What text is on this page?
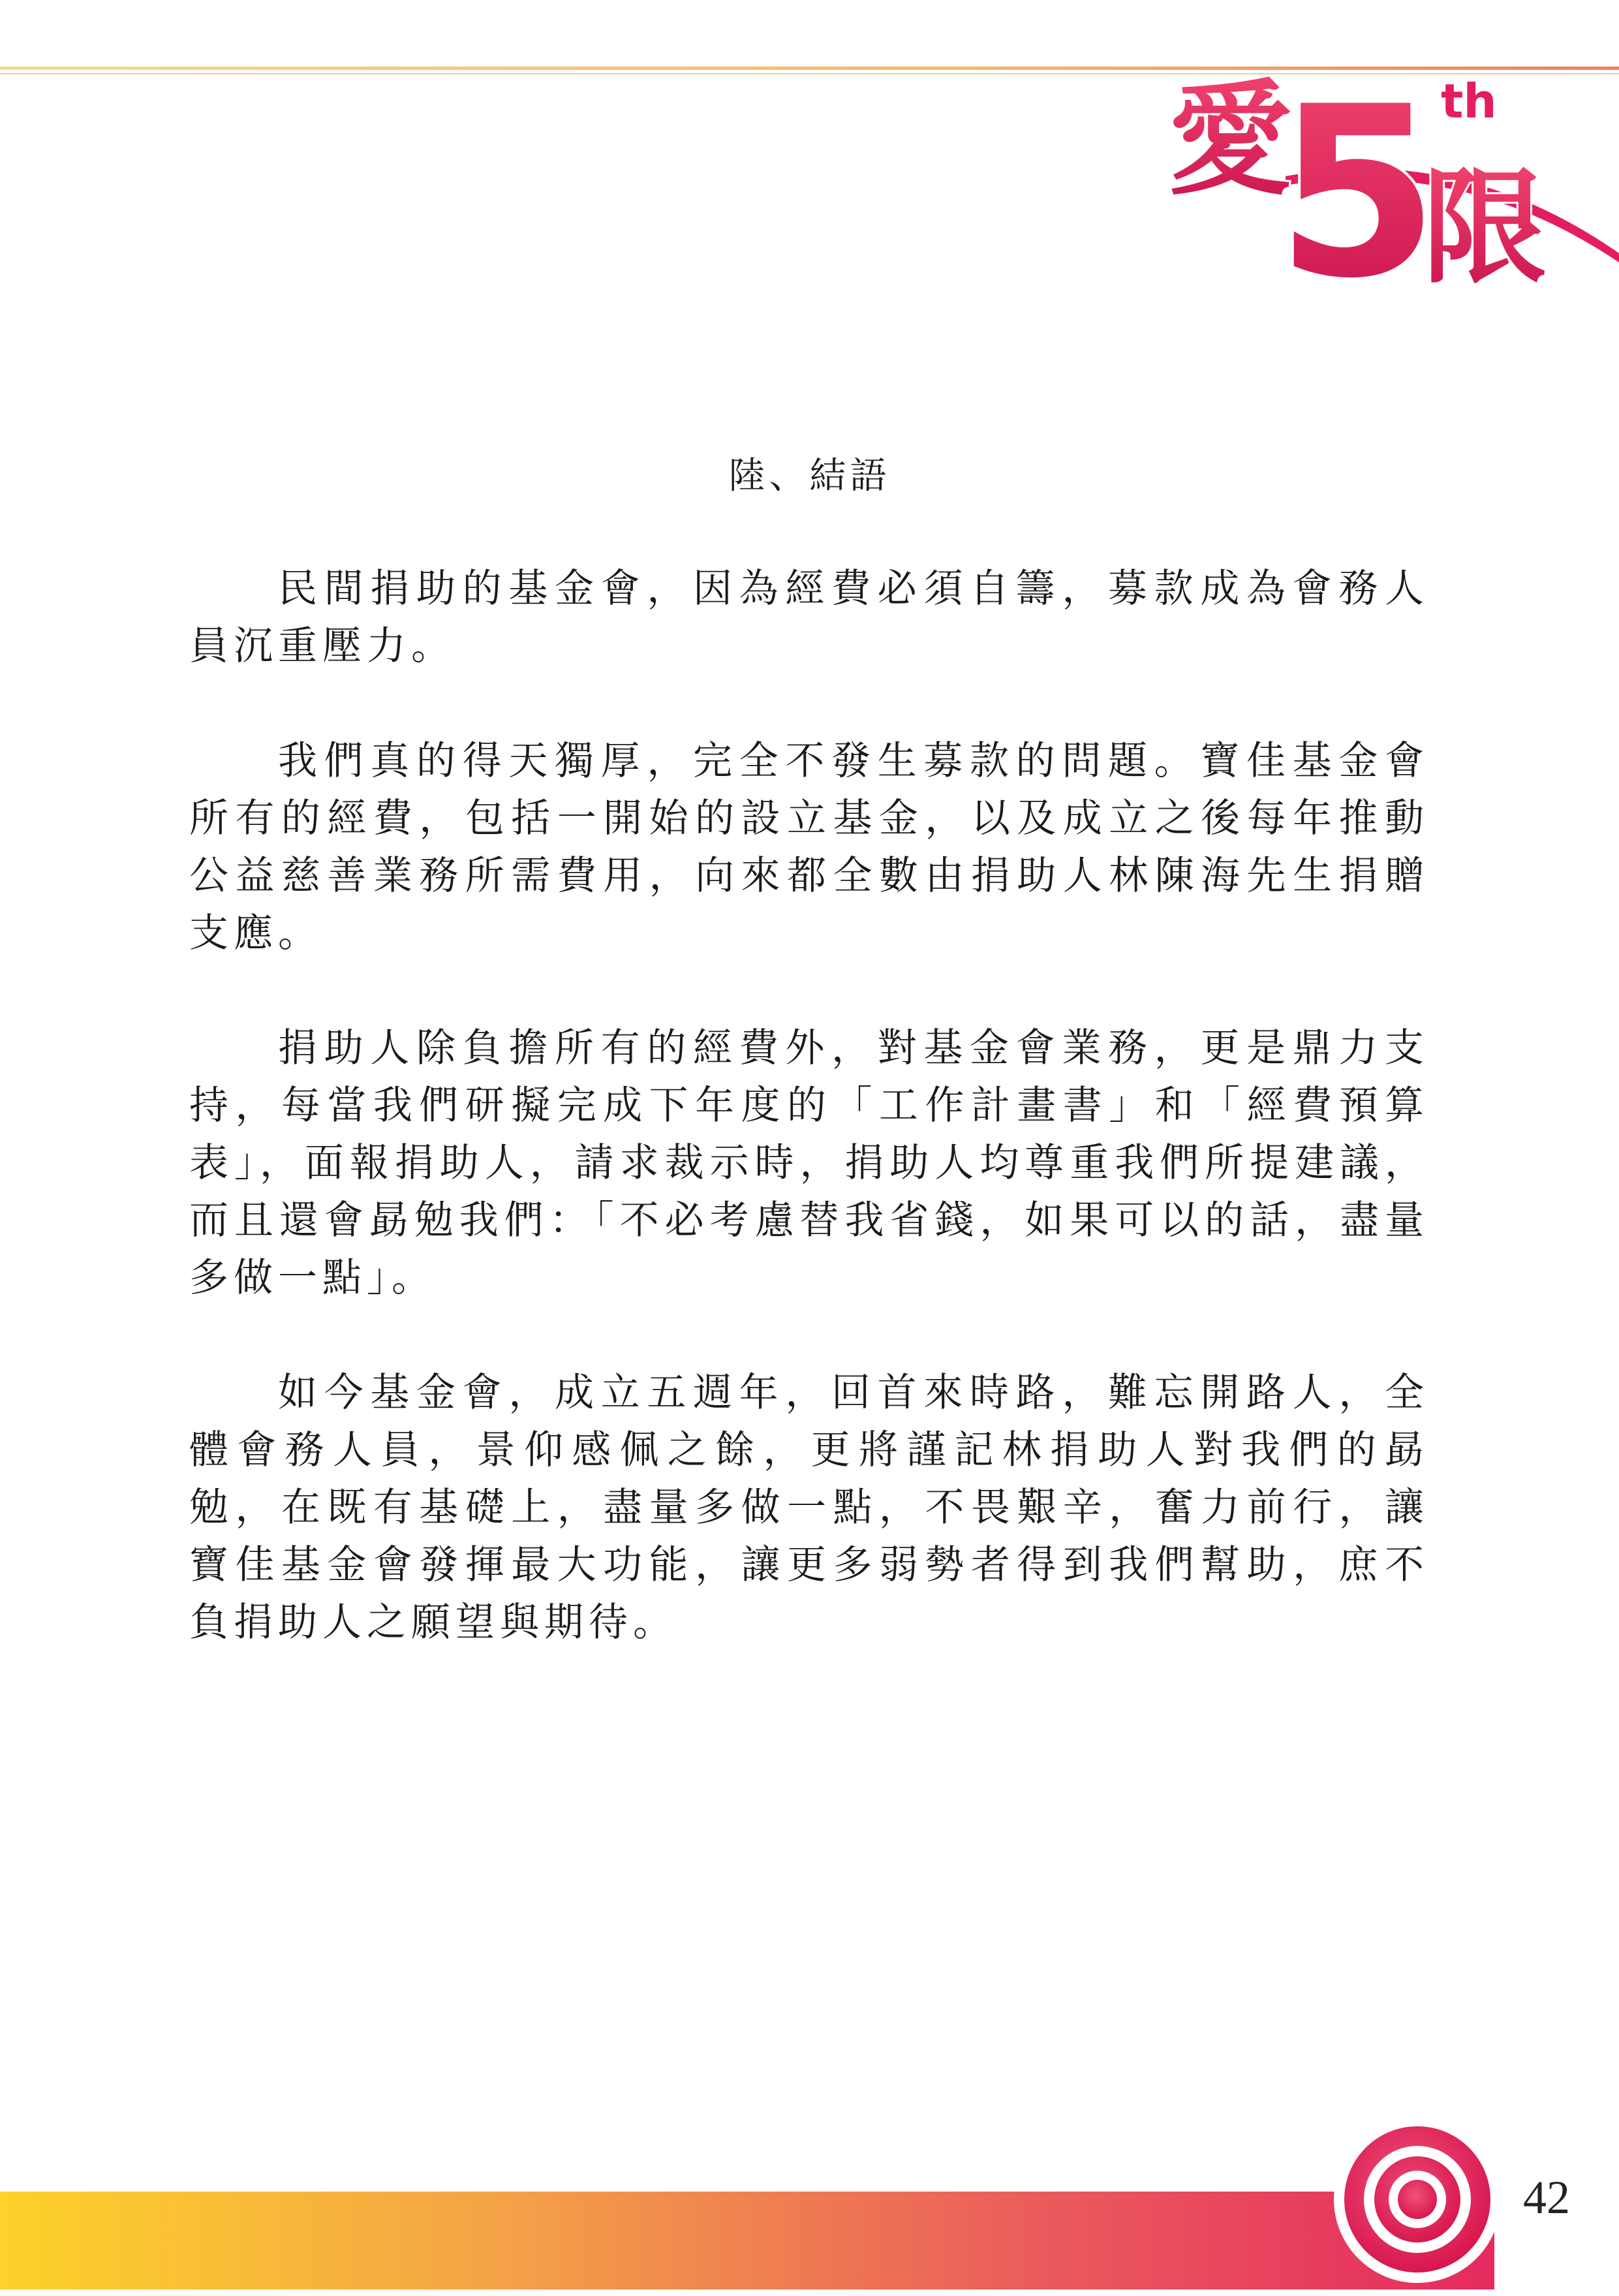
愛
5 th
限
陸、結語

民間捐助的基金會，因為經費必須自籌，募款成為會務人員沉重壓力。

我們真的得天獨厚，完全不發生募款的問題。寶佳基金會所有的經費，包括一開始的設立基金，以及成立之後每年推動公益慈善業務所需費用，向來都全數由捐助人林陳海先生捐贈支應。

捐助人除負擔所有的經費外，對基金會業務，更是鼎力支持，每當我們研擬完成下年度的「工作計畫書」和「經費預算表」，面報捐助人，請求裁示時，捐助人均尊重我們所提建議，而且還會勗勉我們：「不必考慮替我省錢，如果可以的話，盡量多做一點」。

如今基金會，成立五週年，回首來時路，難忘開路人，全體會務人員，景仰感佩之餘，更將謹記林捐助人對我們的勗勉，在既有基礎上，盡量多做一點，不畏艱辛，奮力前行，讓寶佳基金會發揮最大功能，讓更多弱勢者得到我們幫助，庶不負捐助人之願望與期待。

42
